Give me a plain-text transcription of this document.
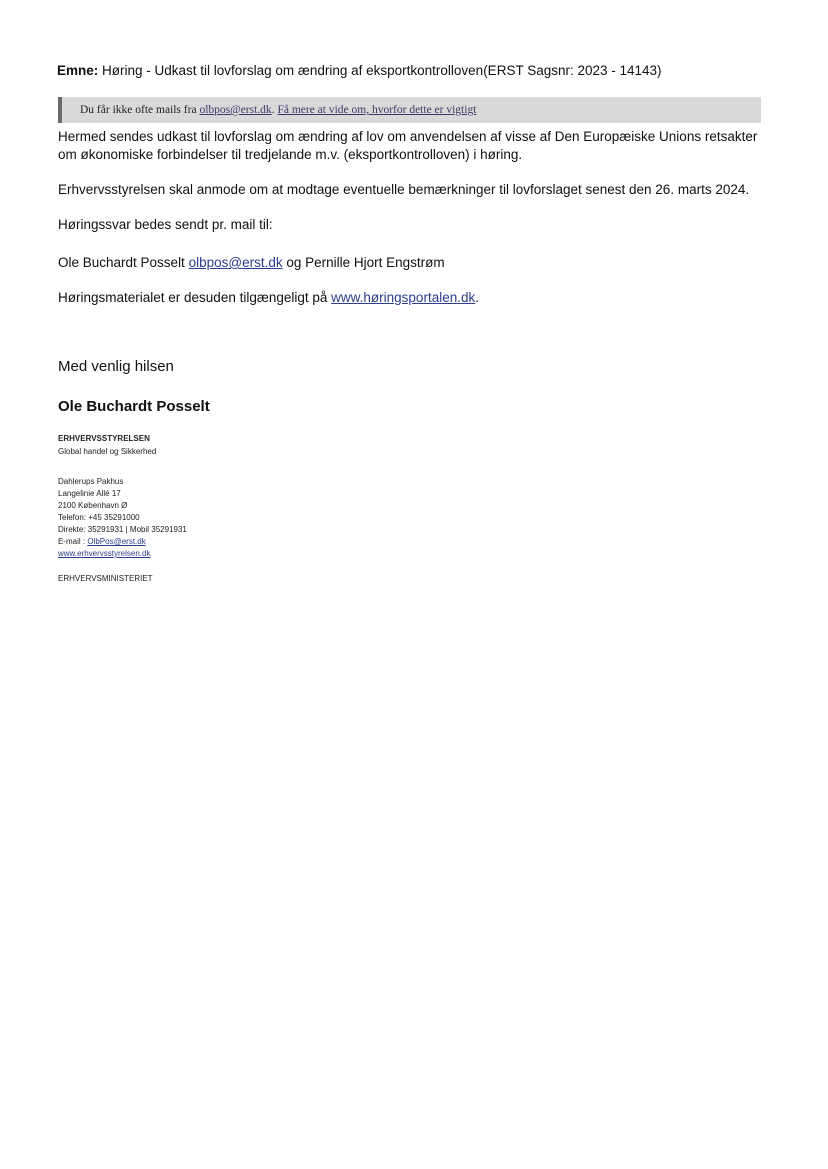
Emne: Høring - Udkast til lovforslag om ændring af eksportkontrolloven(ERST Sagsnr: 2023 - 14143)
Du får ikke ofte mails fra olbpos@erst.dk. Få mere at vide om, hvorfor dette er vigtigt
Hermed sendes udkast til lovforslag om ændring af lov om anvendelsen af visse af Den Europæiske Unions retsakter om økonomiske forbindelser til tredjelande m.v. (eksportkontrolloven) i høring.
Erhvervsstyrelsen skal anmode om at modtage eventuelle bemærkninger til lovforslaget senest den 26. marts 2024.
Høringssvar bedes sendt pr. mail til:
Ole Buchardt Posselt olbpos@erst.dk og Pernille Hjort Engstrøm
Høringsmaterialet er desuden tilgængeligt på www.høringsportalen.dk.
Med venlig hilsen
Ole Buchardt Posselt
ERHVERVSSTYRELSEN
Global handel og Sikkerhed
Dahlerups Pakhus
Langelinie Allé 17
2100 København Ø
Telefon: +45 35291000
Direkte: 35291931 | Mobil 35291931
E-mail : OlbPos@erst.dk
www.erhvervsstyrelsen.dk
ERHVERVSMINISTERIET
